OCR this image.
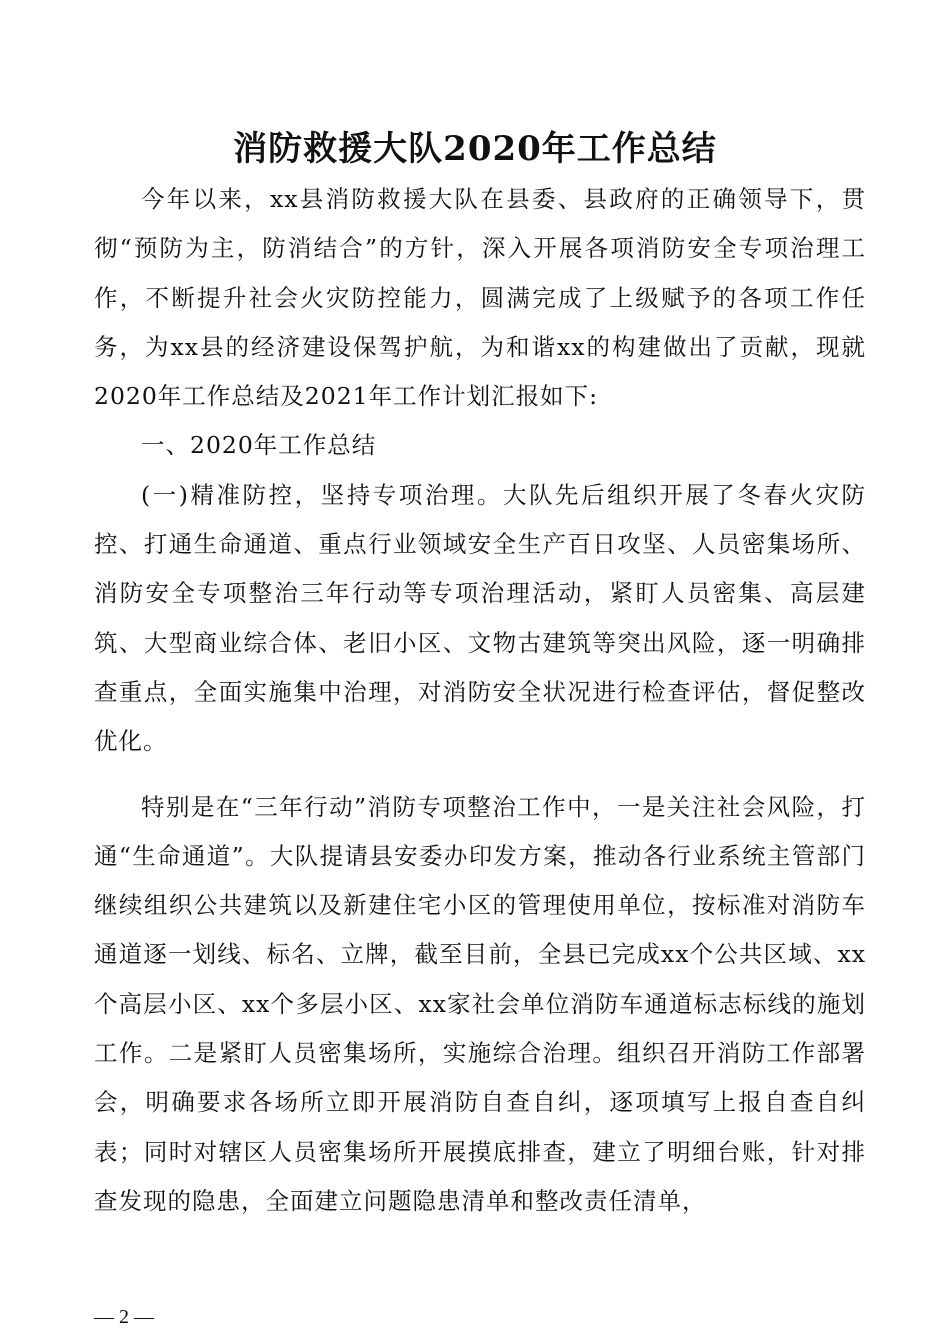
消防救援大队2020年工作总结

今年以来，xx县消防救援大队在县委、县政府的正确领导下，贯彻“预防为主，防消结合”的方针，深入开展各项消防安全专项治理工作，不断提升社会火灾防控能力，圆满完成了上级赋予的各项工作任务，为xx县的经济建设保驾护航，为和谐xx的构建做出了贡献，现就2020年工作总结及2021年工作计划汇报如下:

一、2020年工作总结

(一)精准防控，坚持专项治理。大队先后组织开展了冬春火灾防控、打通生命通道、重点行业领域安全生产百日攻坚、人员密集场所、消防安全专项整治三年行动等专项治理活动，紧盯人员密集、高层建筑、大型商业综合体、老旧小区、文物古建筑等突出风险，逐一明确排查重点，全面实施集中治理，对消防安全状况进行检查评估，督促整改优化。

特别是在“三年行动”消防专项整治工作中，一是关注社会风险，打通“生命通道”。大队提请县安委办印发方案，推动各行业系统主管部门继续组织公共建筑以及新建住宅小区的管理使用单位，按标准对消防车通道逐一划线、标名、立牌，截至目前，全县已完成xx个公共区域、xx个高层小区、xx个多层小区、xx家社会单位消防车通道标志标线的施划工作。二是紧盯人员密集场所，实施综合治理。组织召开消防工作部署会，明确要求各场所立即开展消防自查自纠，逐项填写上报自查自纠表；同时对辖区人员密集场所开展摸底排查，建立了明细台账，针对排查发现的隐患，全面建立问题隐患清单和整改责任清单，

— 2 —
